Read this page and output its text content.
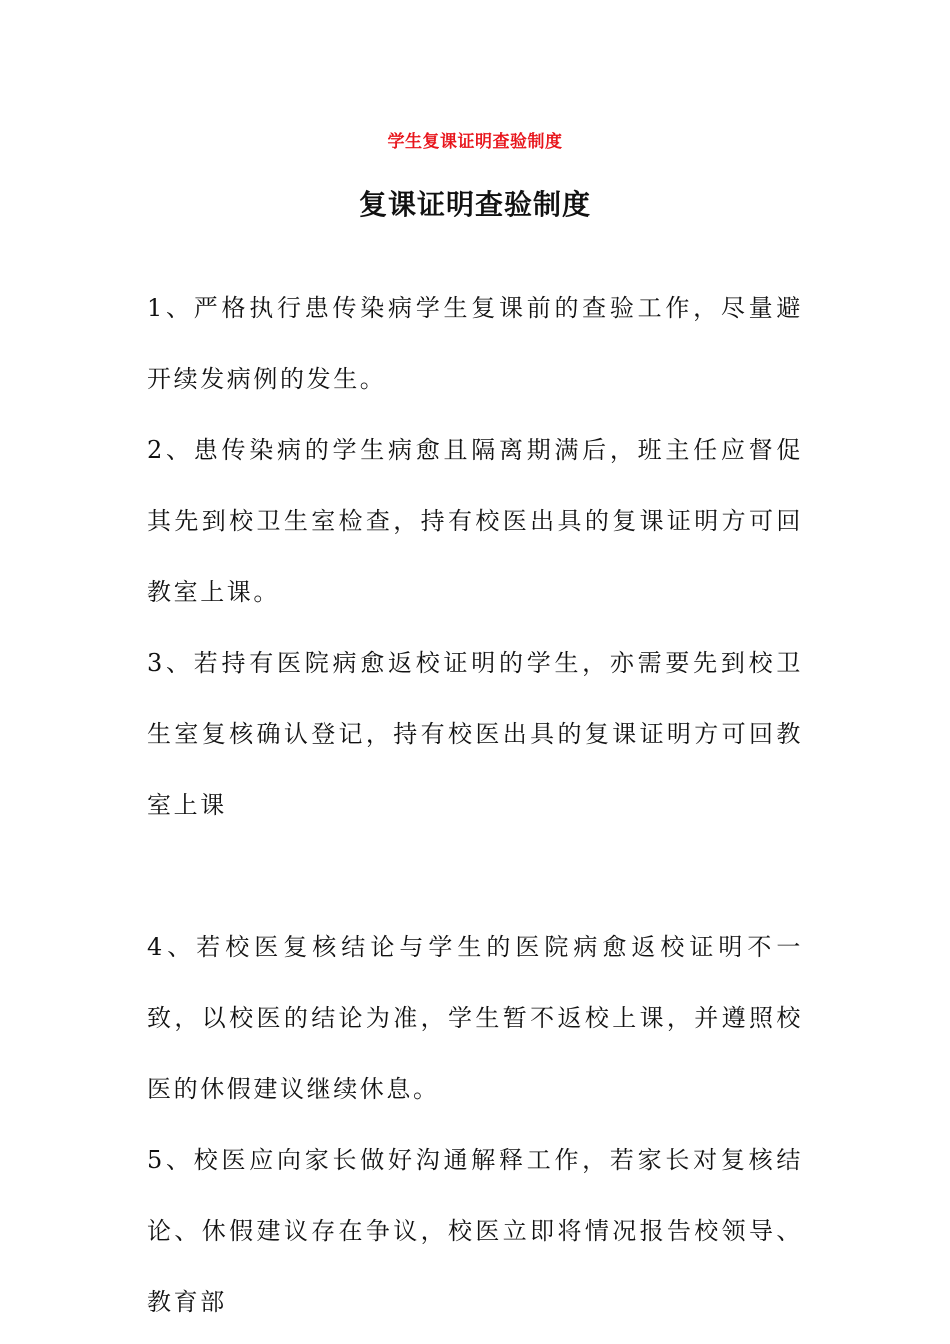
学生复课证明查验制度
复课证明查验制度

1、严格执行患传染病学生复课前的查验工作，尽量避开续发病例的发生。

2、患传染病的学生病愈且隔离期满后，班主任应督促其先到校卫生室检查，持有校医出具的复课证明方可回教室上课。

3、若持有医院病愈返校证明的学生，亦需要先到校卫生室复核确认登记，持有校医出具的复课证明方可回教室上课

4、若校医复核结论与学生的医院病愈返校证明不一致，以校医的结论为准，学生暂不返校上课，并遵照校医的休假建议继续休息。

5、校医应向家长做好沟通解释工作，若家长对复核结论、休假建议存在争议，校医立即将情况报告校领导、教育部
